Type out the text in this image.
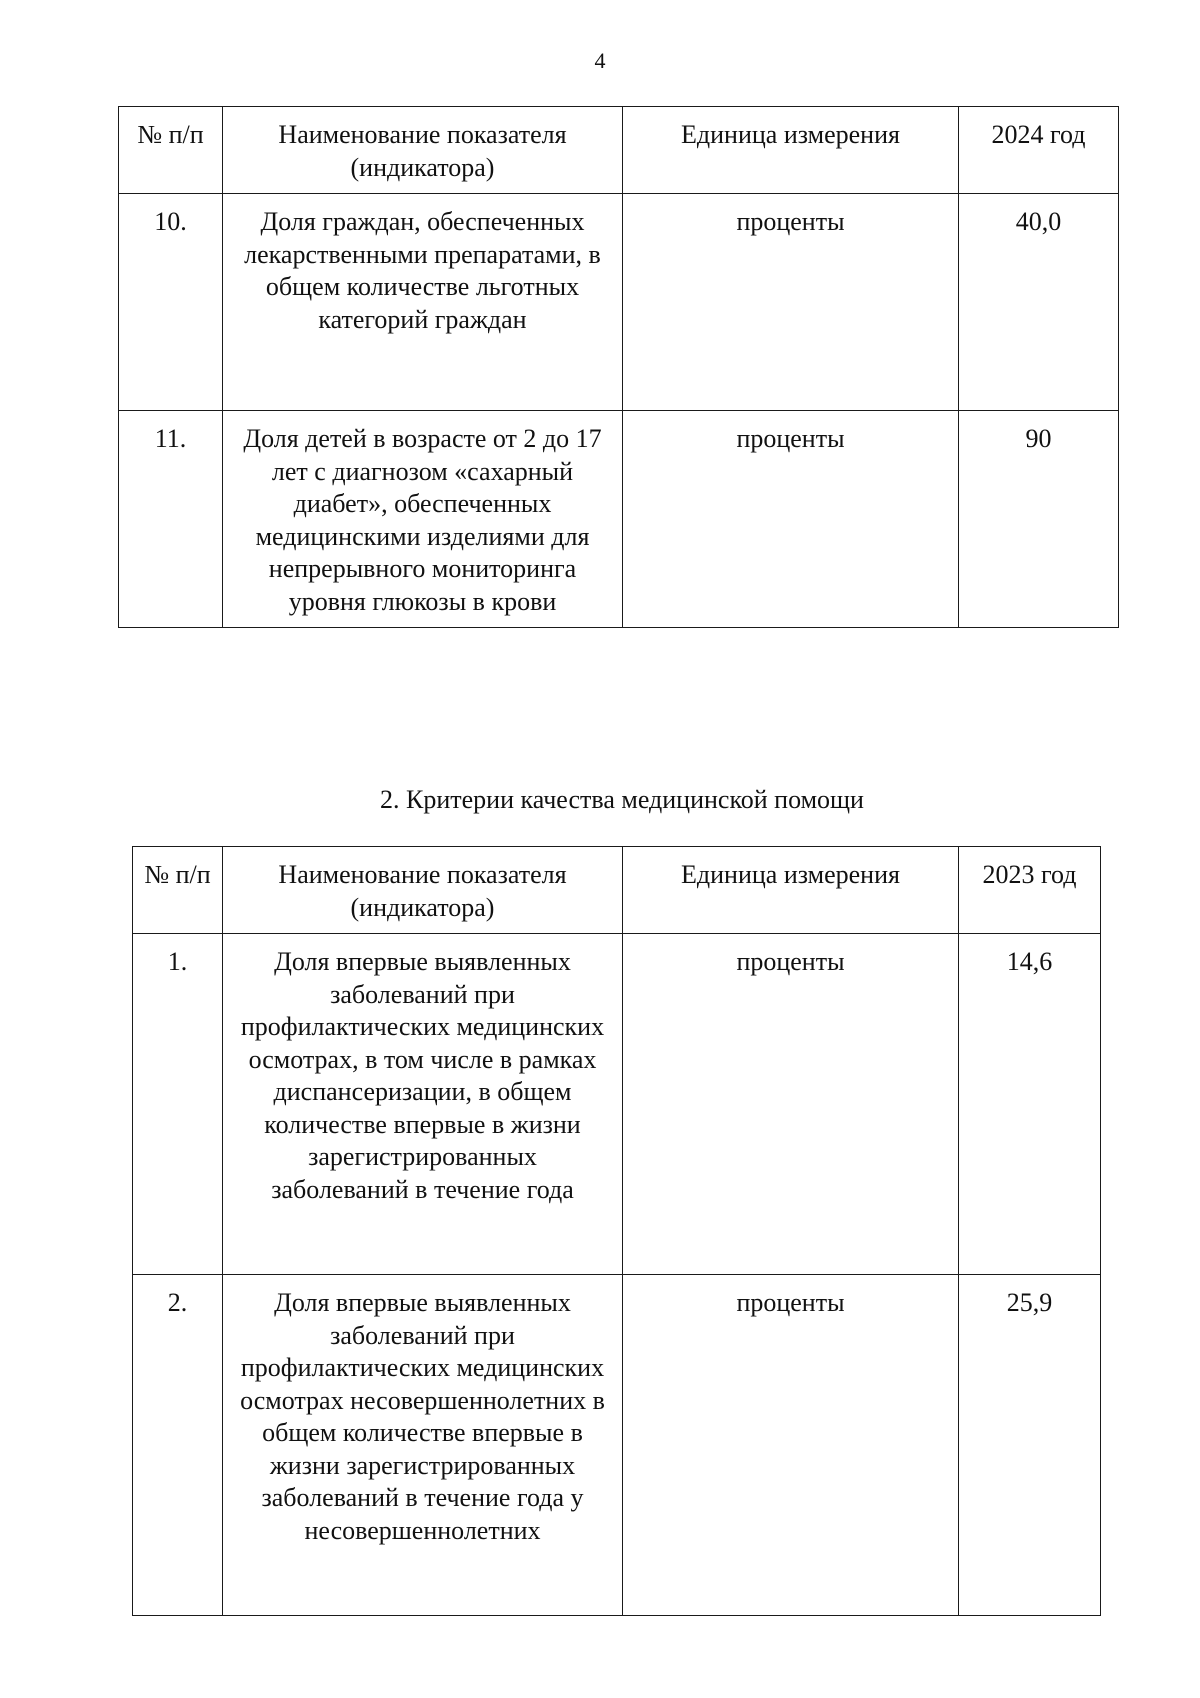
4
№ п/п	Наименование показателя (индикатора)	Единица измерения	2024 год

10.	Доля граждан, обеспеченных лекарственными препаратами, в общем количестве льготных категорий граждан	проценты	40,0

11.	Доля детей в возрасте от 2 до 17 лет с диагнозом «сахарный диабет», обеспеченных медицинскими изделиями для непрерывного мониторинга уровня глюкозы в крови	проценты	90
2. Критерии качества медицинской помощи
№ п/п	Наименование показателя (индикатора)	Единица измерения	2023 год

1.	Доля впервые выявленных заболеваний при профилактических медицинских осмотрах, в том числе в рамках диспансеризации, в общем количестве впервые в жизни зарегистрированных заболеваний в течение года	проценты	14,6

2.	Доля впервые выявленных заболеваний при профилактических медицинских осмотрах несовершеннолетних в общем количестве впервые в жизни зарегистрированных заболеваний в течение года у несовершеннолетних	проценты	25,9
